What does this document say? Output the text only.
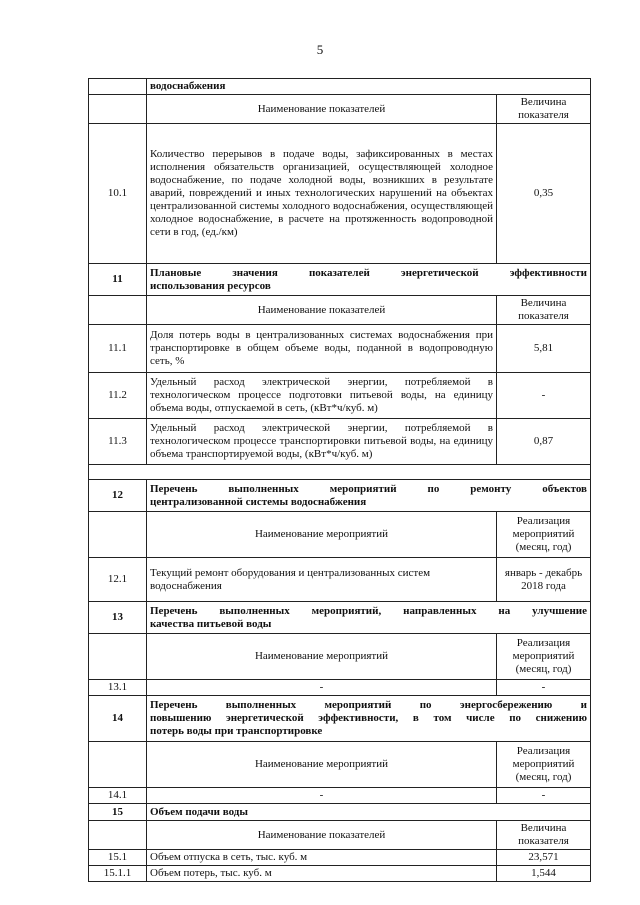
5
	водоснабжения	
	Наименование показателей	Величина показателя
10.1	Количество перерывов в подаче воды, зафиксированных в местах исполнения обязательств организацией, осуществляющей холодное водоснабжение, по подаче холодной воды, возникших в результате аварий, повреждений и иных технологических нарушений на объектах централизованной системы холодного водоснабжения, осуществляющей холодное водоснабжение, в расчете на протяженность водопроводной сети в год, (ед./км)	0,35
11	Плановые значения показателей энергетической эффективности
использования ресурсов	

	Наименование показателей	Величина показателя
11.1	Доля потерь воды в централизованных системах водоснабжения при транспортировке в общем объеме воды, поданной в водопроводную сеть, %	5,81
11.2	Удельный расход электрической энергии, потребляемой в технологическом процессе подготовки питьевой воды, на единицу объема воды, отпускаемой в сеть, (кВт*ч/куб. м)	-
11.3	Удельный расход электрической энергии, потребляемой в технологическом процессе транспортировки питьевой воды, на единицу объема транспортируемой воды, (кВт*ч/куб. м)	0,87

12	Перечень выполненных мероприятий по ремонту объектов
централизованной системы водоснабжения	

	Наименование мероприятий	Реализация мероприятий (месяц, год)
12.1	Текущий ремонт оборудования и централизованных систем водоснабжения	январь - декабрь 2018 года
13	Перечень выполненных мероприятий, направленных на улучшение
качества питьевой воды	

	Наименование мероприятий	Реализация мероприятий (месяц, год)
13.1	-	-
14	Перечень выполненных мероприятий по энергосбережению и
повышению энергетической эффективности, в том числе по снижению
потерь воды при транспортировке	

	Наименование мероприятий	Реализация мероприятий (месяц, год)
14.1	-	-
15	Объем подачи воды	
	Наименование показателей	Величина показателя
15.1	Объем отпуска в сеть, тыс. куб. м	23,571
15.1.1	Объем потерь, тыс. куб. м	1,544
